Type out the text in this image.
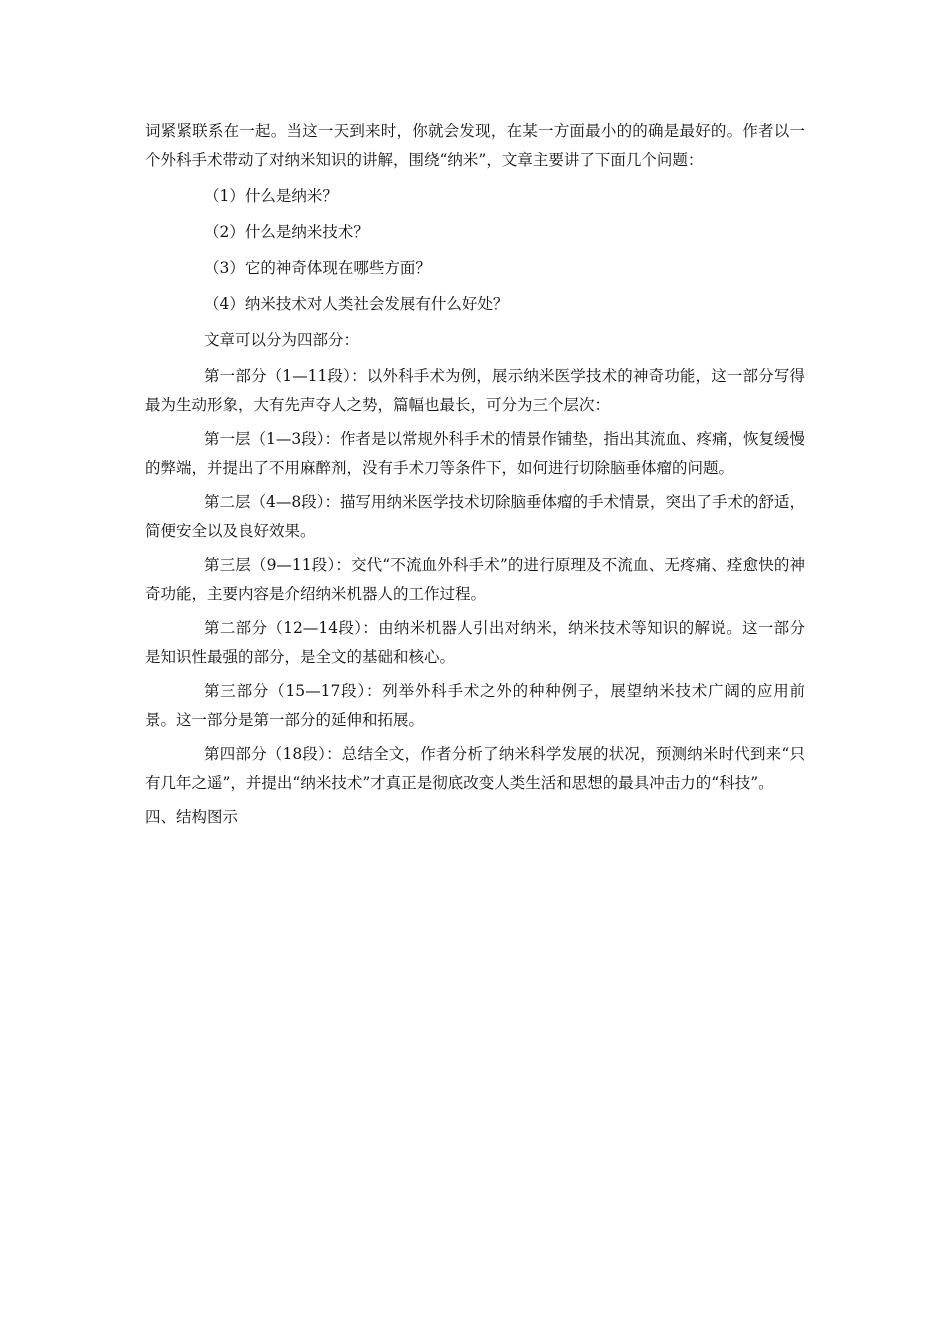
词紧紧联系在一起。当这一天到来时，你就会发现，在某一方面最小的的确是最好的。作者以一个外科手术带动了对纳米知识的讲解，围绕“纳米”，文章主要讲了下面几个问题：

（1）什么是纳米？

（2）什么是纳米技术？

（3）它的神奇体现在哪些方面？

（4）纳米技术对人类社会发展有什么好处？

文章可以分为四部分：

第一部分（1—11段）：以外科手术为例，展示纳米医学技术的神奇功能，这一部分写得最为生动形象，大有先声夺人之势，篇幅也最长，可分为三个层次：

第一层（1—3段）：作者是以常规外科手术的情景作铺垫，指出其流血、疼痛，恢复缓慢的弊端，并提出了不用麻醉剂，没有手术刀等条件下，如何进行切除脑垂体瘤的问题。

第二层（4—8段）：描写用纳米医学技术切除脑垂体瘤的手术情景，突出了手术的舒适，简便安全以及良好效果。

第三层（9—11段）：交代“不流血外科手术”的进行原理及不流血、无疼痛、痊愈快的神奇功能，主要内容是介绍纳米机器人的工作过程。

第二部分（12—14段）：由纳米机器人引出对纳米，纳米技术等知识的解说。这一部分是知识性最强的部分，是全文的基础和核心。

第三部分（15—17段）：列举外科手术之外的种种例子，展望纳米技术广阔的应用前景。这一部分是第一部分的延伸和拓展。

第四部分（18段）：总结全文，作者分析了纳米科学发展的状况，预测纳米时代到来“只有几年之遥”，并提出“纳米技术”才真正是彻底改变人类生活和思想的最具冲击力的“科技”。

四、结构图示
